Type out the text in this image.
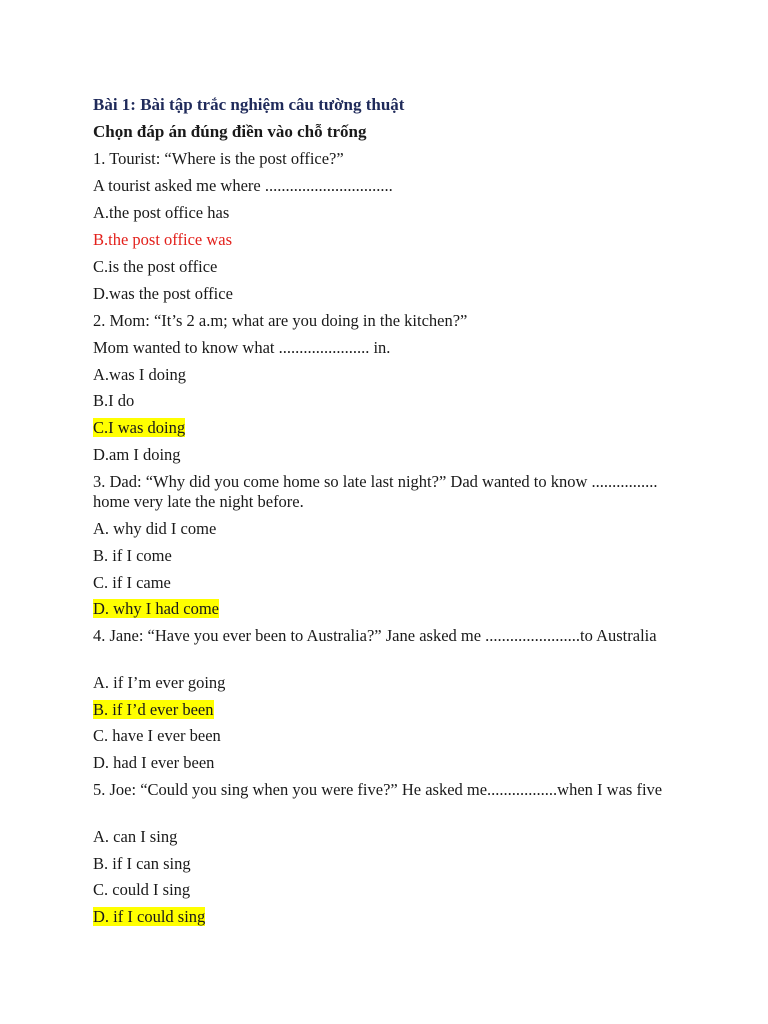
Bài 1: Bài tập trắc nghiệm câu tường thuật
Chọn đáp án đúng điền vào chỗ trống
1. Tourist: “Where is the post office?”
A tourist asked me where ...............................
A.the post office has
B.the post office was
C.is the post office
D.was the post office
2. Mom: “It’s 2 a.m; what are you doing in the kitchen?”
Mom wanted to know what ...................... in.
A.was I doing
B.I do
C.I was doing
D.am I doing
3. Dad: “Why did you come home so late last night?” Dad wanted to know ................ home very late the night before.
A. why did I come
B. if I come
C. if I came
D. why I had come
4. Jane: “Have you ever been to Australia?” Jane asked me .......................to Australia
A. if I’m ever going
B. if I’d ever been
C. have I ever been
D. had I ever been
5. Joe: “Could you sing when you were five?” He asked me.................when I was five
A. can I sing
B. if I can sing
C. could I sing
D. if I could sing
